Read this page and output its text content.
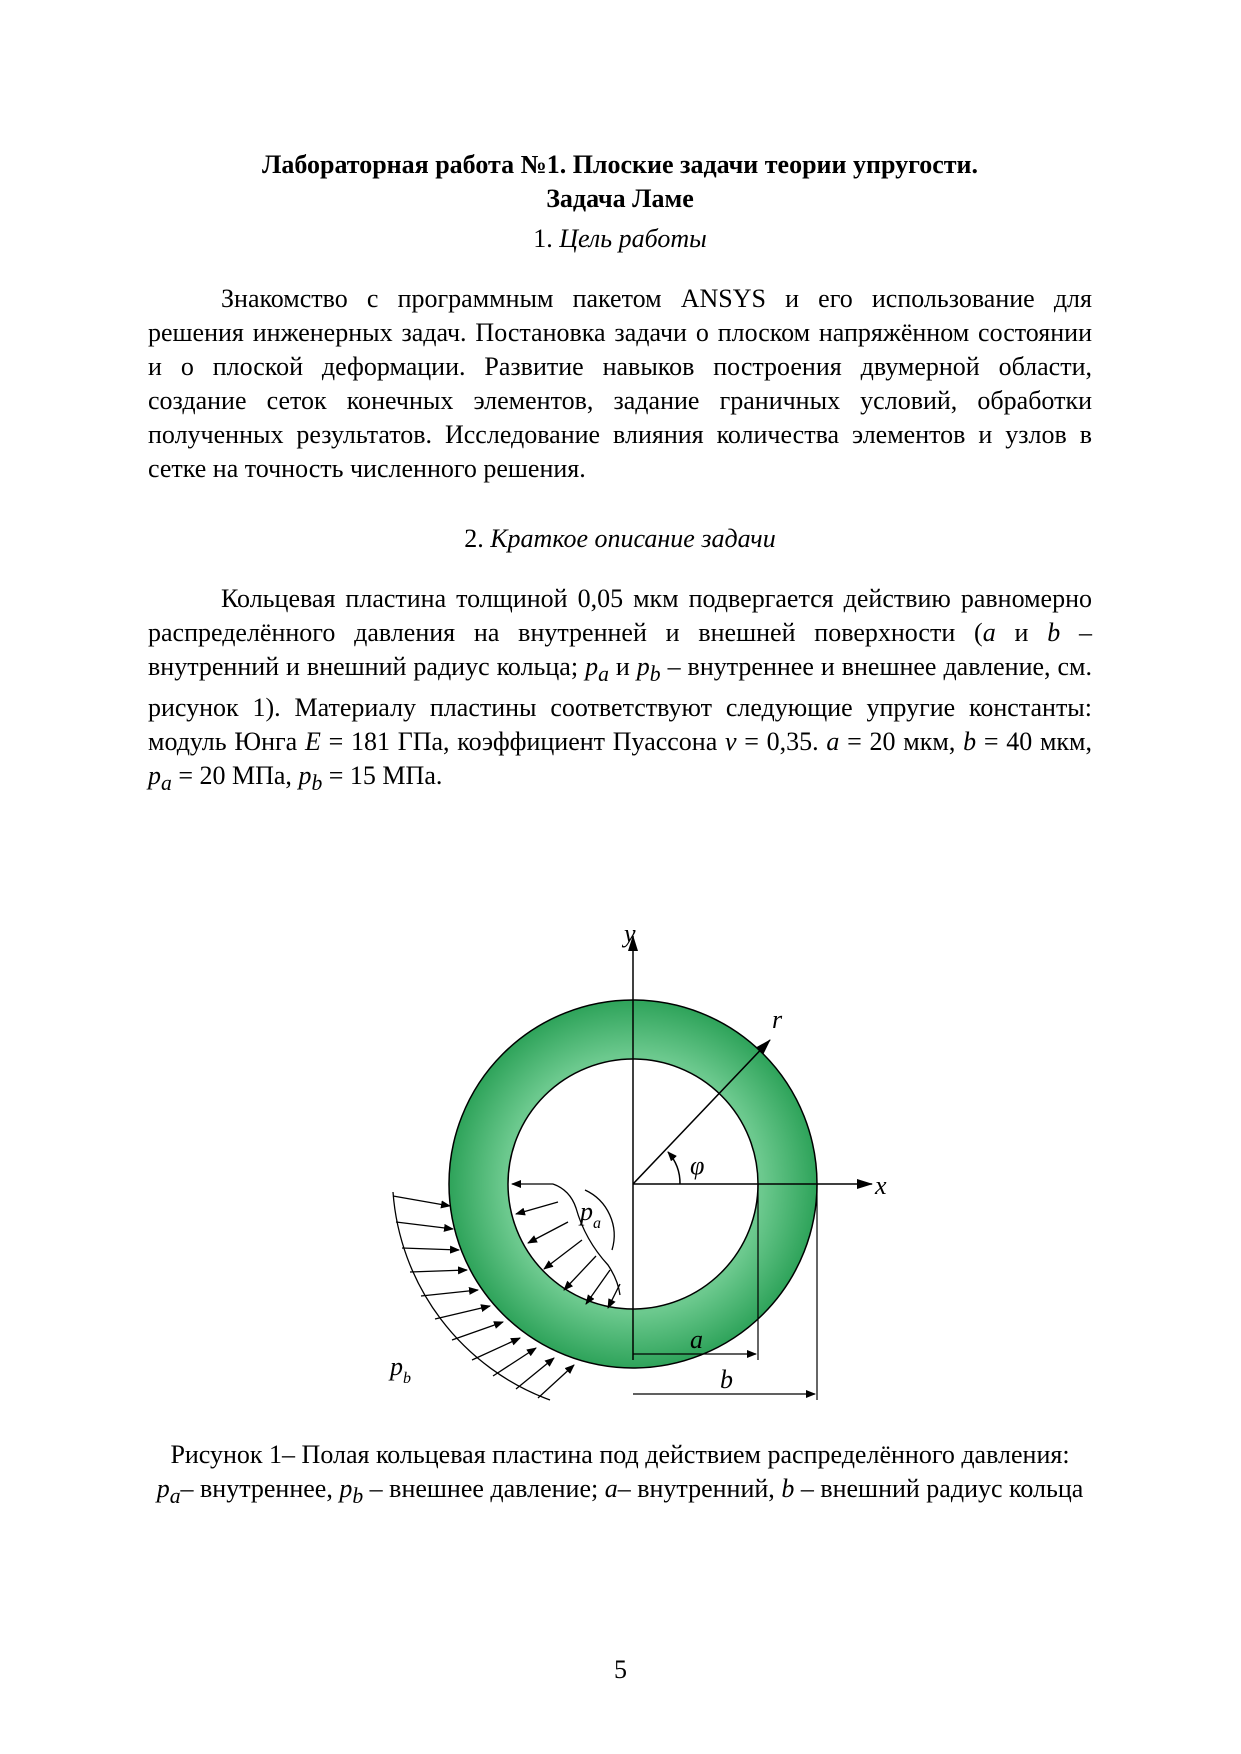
Лабораторная работа №1. Плоские задачи теории упругости.
Задача Ламе
1. Цель работы
Знакомство с программным пакетом ANSYS и его использование для решения инженерных задач. Постановка задачи о плоском напряжённом состоянии и о плоской деформации. Развитие навыков построения двумерной области, создание сеток конечных элементов, задание граничных условий, обработки полученных результатов. Исследование влияния количества элементов и узлов в сетке на точность численного решения.
2. Краткое описание задачи
Кольцевая пластина толщиной 0,05 мкм подвергается действию равномерно распределённого давления на внутренней и внешней поверхности (a и b – внутренний и внешний радиус кольца; $p_a$ и $p_b$ – внутреннее и внешнее давление, см. рисунок 1). Материалу пластины соответствуют следующие упругие константы: модуль Юнга E = 181 ГПа, коэффициент Пуассона ν = 0,35. a = 20 мкм, b = 40 мкм, $p_a = 20$ МПа, $p_b = 15$ МПа.
y
x
r
φ
$p_a$
$p_b$
a
b
Рисунок 1– Полая кольцевая пластина под действием распределённого давления: $p_a-$ внутреннее, $p_b$ – внешнее давление; a– внутренний, b – внешний радиус кольца
5
